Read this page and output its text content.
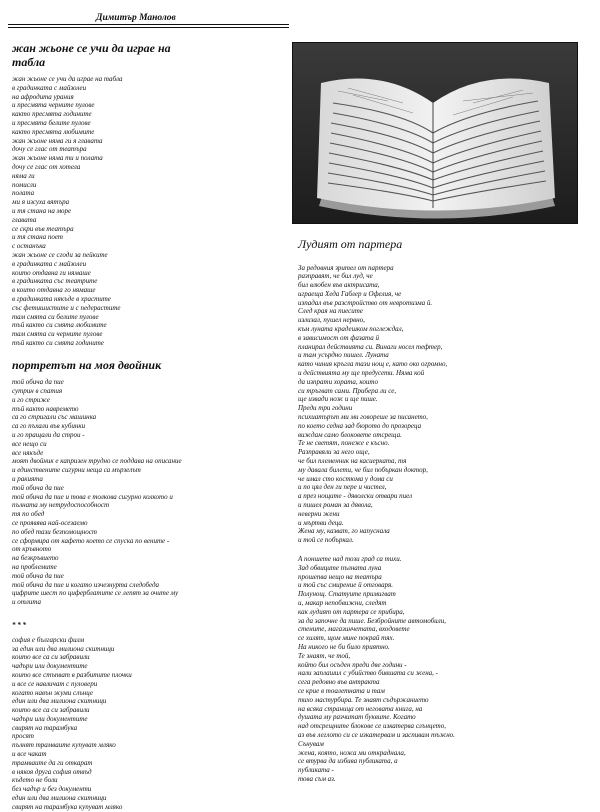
Димитър Манолов
жан жьоне се учи да играе на
табла
жан жьоне се учи да играе на табла
в градинката с майзолеи
на афродита урания
и пресмята черните пулове
както пресмята годините
и пресмята белите пулове
както пресмята любимите
жан жьоне няма ги я главата
дочу се глас от театъра
жан жьоне няма ти и полата
дочу се глас от хотела
няма ги
помисли
полата
ми я изсуха вятъра
и тя стана на море
главата
се скри във театъра
и тя стана поет
с останъка
жан жьоне се сгоди за пейките
в градинката с майзолеи
които отдавна ги нямаше
в градинката със театрите
в които отдавна го нямаше
в градинката някъде в храстите
със фетишистите и с педерастите
там смята си белите пулове
тъй както си смята любимите
там смята си черните пулове
тъй както си смята годините
портретът на моя двойник
той обича да пие
сутрин в спатия
и го стриже
тъй както навремето
са го стригали със машинка
са го пъхали във кубинки
и го пращали да строи -
все нещо си
все някъде
моят двойник е капризен трудно се поддава на описание
и единствените сигурни неща са мързелът
и ракията
той обича да пие
той обича да пие и това е толкова сигурно колкото и
пълната му нетрудоспособност
тя по обед
се проявява най-осезаемо
по обед тази безпомощност
се сформира от кафето което се спуска по вените -
от кръвното
на безкръвието
на проблемите
той обича да пие
той обича да пие и когато изчезнурта следобеда
цифрите шест по циферблатите се лепят за очите му
и отлита
* * *
софия е български филм
за един или два милиона скитници
които все са си забравили
чадъри или документите
които все стъпват в разбитите плочки
и все се навличат с пуловери
когато навън жуми слънце
един или два милиона скитници
които все са си забравили
чадъри или документите
свирят на тарамбука
просят
пълнят трамваите купуват мляко
и все чакат
трамваите да ги откарат
в някоя друга софия отвъд
където не боли
без чадър и без документи
един или два милиона скитници
свирят на тарамбука купуват мляко
Лудият от партера
За редовния зрител от партера
разправят, че бил луд, че
бил влюбен във актрисата,
играеща Хеда Габлер и Офелия, че
изпадал във разстройство от невротизма й.
След края на пиесите
излизал, пушел нервно,
към луната крадешком поглеждал,
в зависимост от фазата й
планирал действията си. Винаги носел тефтер,
и там усърдно пишел. Луната
като чиния кръгла тази нощ е, като око огромно,
и действията му ще предусети. Няма кой
да изпрати хората, които
си тръгват сами. Прибера ли се,
ще извади нож и ще пише.
Преди три години
психиатърът ми ми говореше за писането,
по което седна зад бюрото до прозореца
виждам само блоковете отсреща.
Те не светят, понеже е късно.
Разправяли за него още,
че бил племенник на касиерката, тя
му давала билети, че бил побъркан доктор,
че имал сто костюма у дома си
и по цял ден ги пере и чистел,
а през нощите - дяволски отвари пиел
и пишел роман за дявола,
неверни жени
и мъртви деца.
Жена му, казват, го напуснала
и той се побъркал.
А поншете над този град са тихи.
Зад обвиците пълната луна
прошепва нещо на театъра
и той със смирение й отговаря.
Полунощ. Статуите примигват
и, макар непобвижни, следят
как лудият от партера се прибира,
за да започне да пише. Безбройните автомобили,
стените, магазинчетата, входовете
се хилят, щом мине покрай тях.
На никого не би било приятно.
Те знаят, че той,
който бил осъден преди две години -
нали заплашил с убийство бившата си жена, -
сега редовно във антракта
се крие в тоалетната и там
тихо мастурбира. Те знаят съдържанието
на всяка страница от неговата книга, на
душата му разчитат буквите. Когато
над отсрещните блокове се изкатерва слънцето,
аз във леглото си се изкатервам и заспивам тъжно.
Сънувам
жена, която, ножа ми откраднала,
се втурва да избива публиката, а
публиката -
това съм аз.
